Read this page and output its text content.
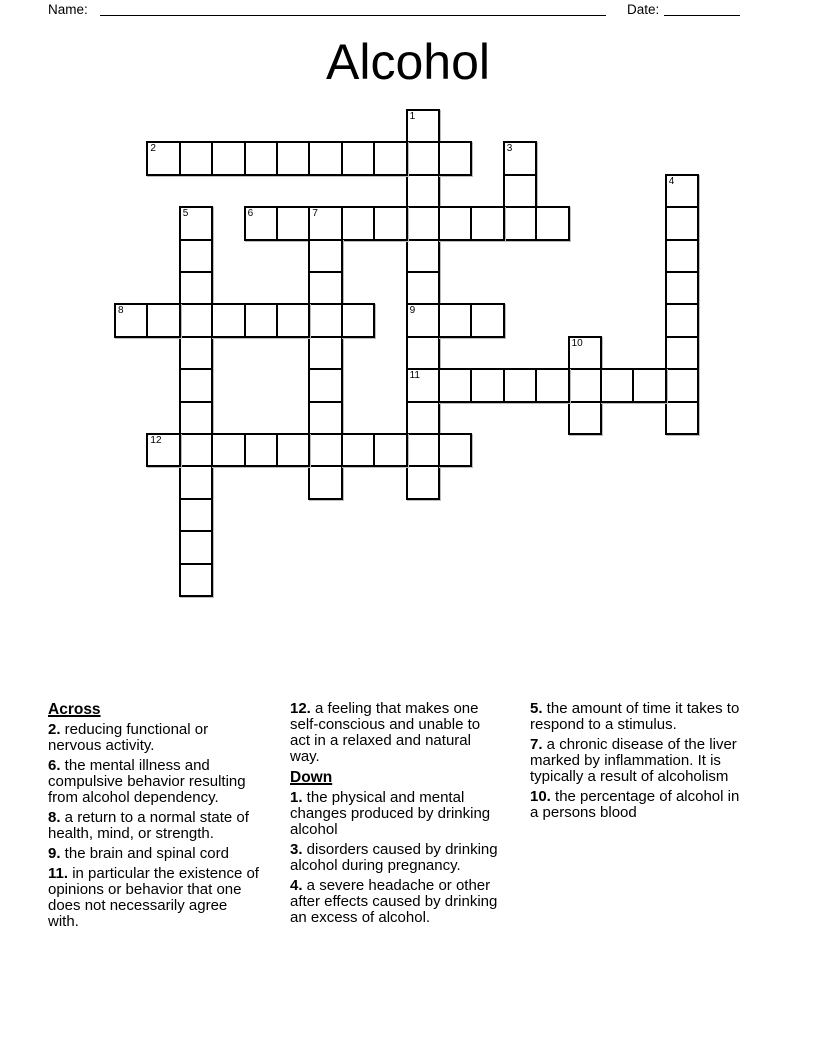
Name:	Date:
Alcohol
1
9
11
2	3
4
5	6	7
8
10
12
Across
2. reducing functional or nervous activity.
6. the mental illness and compulsive behavior resulting from alcohol dependency.
8. a return to a normal state of health, mind, or strength.
9. the brain and spinal cord
11. in particular the existence of opinions or behavior that one does not necessarily agree with.
12. a feeling that makes one self-conscious and unable to act in a relaxed and natural way.
Down
1. the physical and mental changes produced by drinking alcohol
3. disorders caused by drinking alcohol during pregnancy.
4. a severe headache or other after effects caused by drinking an excess of alcohol.
5. the amount of time it takes to respond to a stimulus.
7. a chronic disease of the liver marked by inflammation. It is typically a result of alcoholism
10. the percentage of alcohol in a persons blood
